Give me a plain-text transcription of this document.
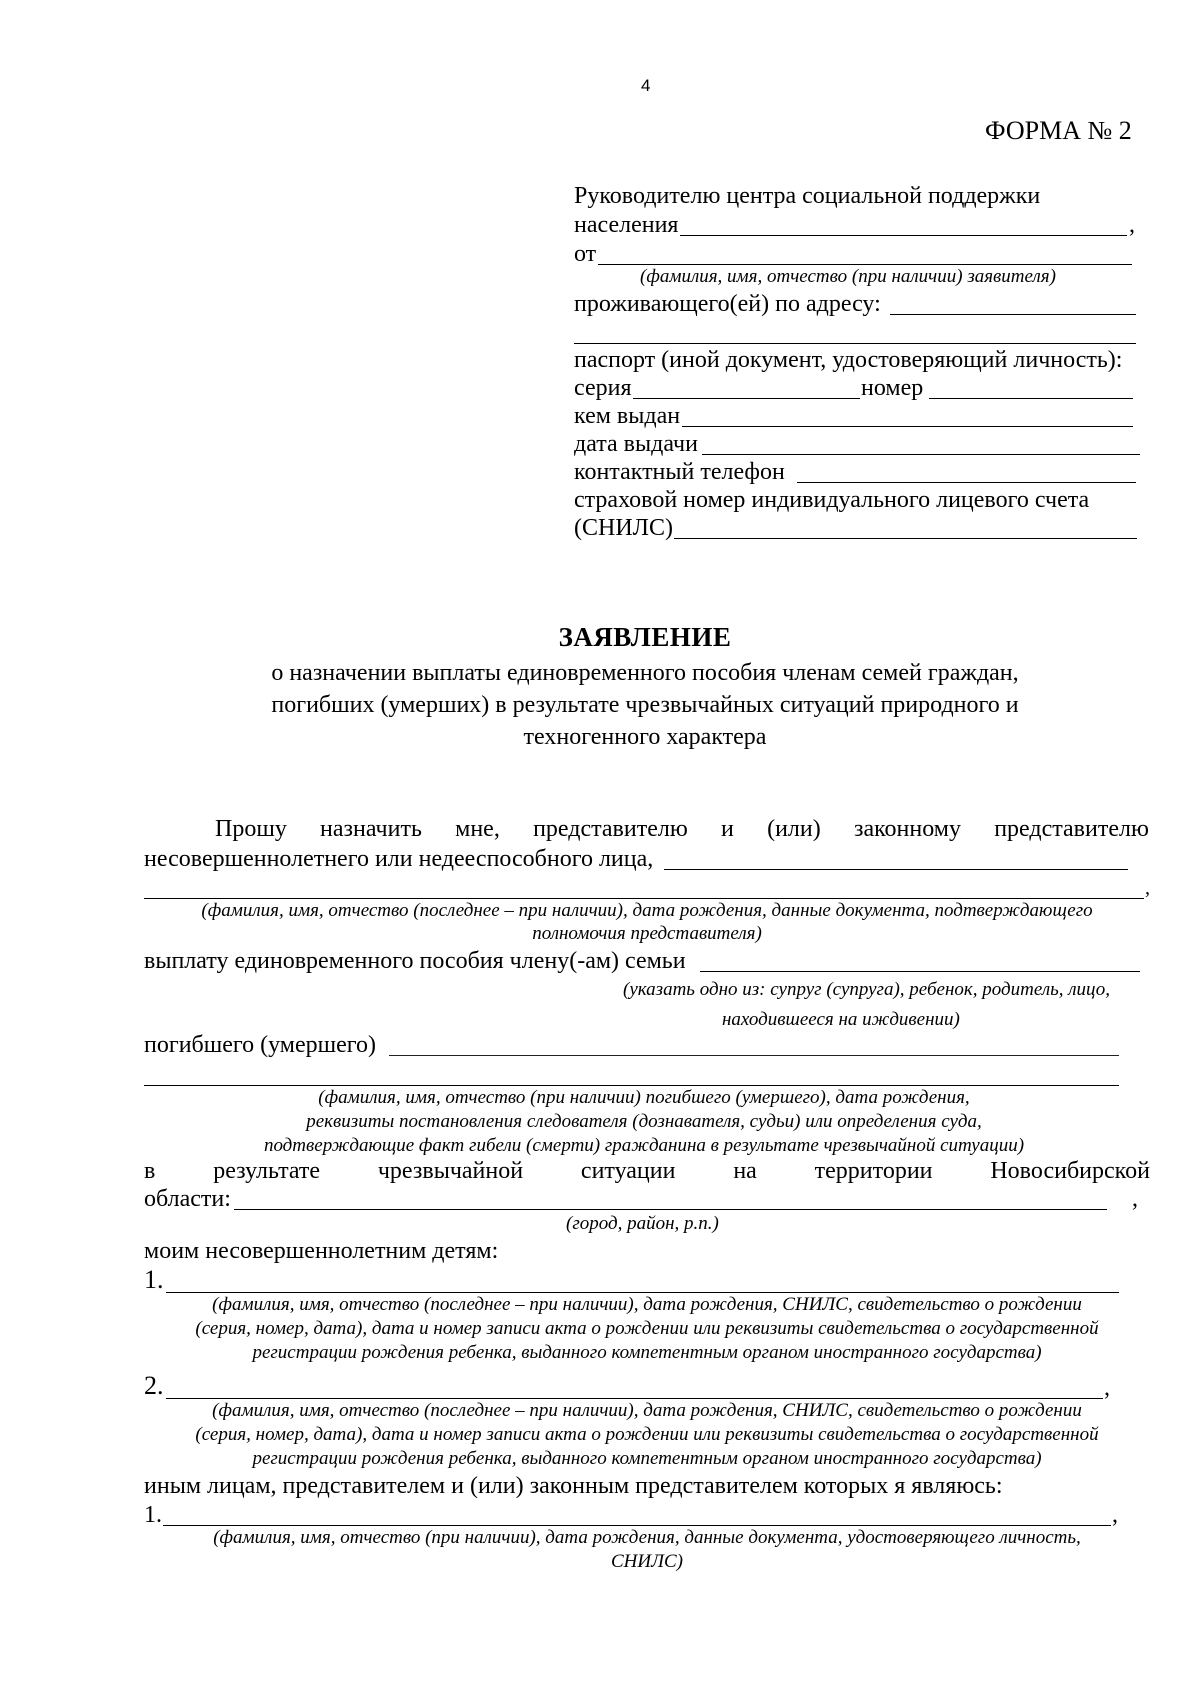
4
ФОРМА № 2
Руководителю центра социальной поддержки
населения	,
от
(фамилия, имя, отчество (при наличии) заявителя)
проживающего(ей) по адресу:
паспорт (иной документ, удостоверяющий личность):
серия	номер
кем выдан
дата выдачи
контактный телефон
страховой номер индивидуального лицевого счета
(СНИЛС)
ЗАЯВЛЕНИЕ
о назначении выплаты единовременного пособия членам семей граждан,
погибших (умерших) в результате чрезвычайных ситуаций природного и
техногенного характера
Прошу назначить мне, представителю и (или) законному представителю
несовершеннолетнего или недееспособного лица,
,
(фамилия, имя, отчество (последнее – при наличии), дата рождения, данные документа, подтверждающего
полномочия представителя)
выплату единовременного пособия члену(-ам) семьи
(указать одно из: супруг (супруга), ребенок, родитель, лицо,
находившееся на иждивении)
погибшего (умершего)
(фамилия, имя, отчество (при наличии) погибшего (умершего), дата рождения,
реквизиты постановления следователя (дознавателя, судьи) или определения суда,
подтверждающие факт гибели (смерти) гражданина в результате чрезвычайной ситуации)
в результате чрезвычайной ситуации на территории Новосибирской
области:	,
(город, район, р.п.)
моим несовершеннолетним детям:
1.
(фамилия, имя, отчество (последнее – при наличии), дата рождения, СНИЛС, свидетельство о рождении
(серия, номер, дата), дата и номер записи акта о рождении или реквизиты свидетельства о государственной
регистрации рождения ребенка, выданного компетентным органом иностранного государства)
2.	,
(фамилия, имя, отчество (последнее – при наличии), дата рождения, СНИЛС, свидетельство о рождении
(серия, номер, дата), дата и номер записи акта о рождении или реквизиты свидетельства о государственной
регистрации рождения ребенка, выданного компетентным органом иностранного государства)
иным лицам, представителем и (или) законным представителем которых я являюсь:
1.	,
(фамилия, имя, отчество (при наличии), дата рождения, данные документа, удостоверяющего личность,
СНИЛС)
